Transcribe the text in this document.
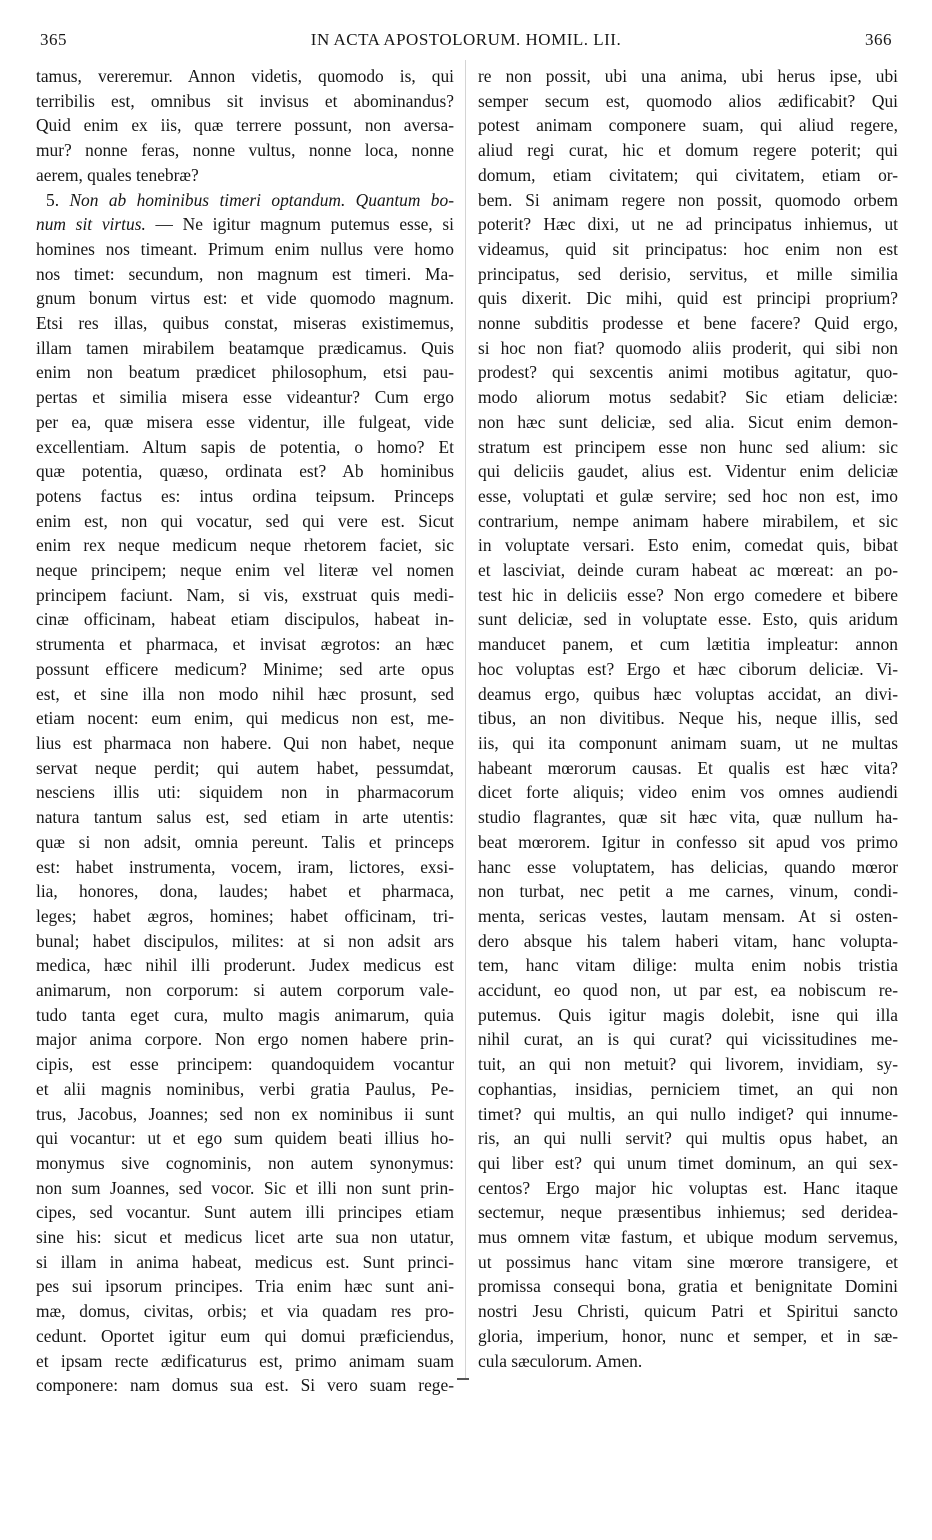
365	IN ACTA APOSTOLORUM. HOMIL. LII.	366

tamus, vereremur. Annon videtis, quomodo is, qui

terribilis est, omnibus sit invisus et abominandus?

Quid enim ex iis, quæ terrere possunt, non aversa-

mur? nonne feras, nonne vultus, nonne loca, nonne

aerem, quales tenebræ?

5. Non ab hominibus timeri optandum. Quantum bo-

num sit virtus. — Ne igitur magnum putemus esse, si

homines nos timeant. Primum enim nullus vere homo

nos timet: secundum, non magnum est timeri. Ma-

gnum bonum virtus est: et vide quomodo magnum.

Etsi res illas, quibus constat, miseras existimemus,

illam tamen mirabilem beatamque prædicamus. Quis

enim non beatum prædicet philosophum, etsi pau-

pertas et similia misera esse videantur? Cum ergo

per ea, quæ misera esse videntur, ille fulgeat, vide

excellentiam. Altum sapis de potentia, o homo? Et

quæ potentia, quæso, ordinata est? Ab hominibus

potens factus es: intus ordina teipsum. Princeps

enim est, non qui vocatur, sed qui vere est. Sicut

enim rex neque medicum neque rhetorem faciet, sic

neque principem; neque enim vel literæ vel nomen

principem faciunt. Nam, si vis, exstruat quis medi-

cinæ officinam, habeat etiam discipulos, habeat in-

strumenta et pharmaca, et invisat ægrotos: an hæc

possunt efficere medicum? Minime; sed arte opus

est, et sine illa non modo nihil hæc prosunt, sed

etiam nocent: eum enim, qui medicus non est, me-

lius est pharmaca non habere. Qui non habet, neque

servat neque perdit; qui autem habet, pessumdat,

nesciens illis uti: siquidem non in pharmacorum

natura tantum salus est, sed etiam in arte utentis:

quæ si non adsit, omnia pereunt. Talis et princeps

est: habet instrumenta, vocem, iram, lictores, exsi-

lia, honores, dona, laudes; habet et pharmaca,

leges; habet ægros, homines; habet officinam, tri-

bunal; habet discipulos, milites: at si non adsit ars

medica, hæc nihil illi proderunt. Judex medicus est

animarum, non corporum: si autem corporum vale-

tudo tanta eget cura, multo magis animarum, quia

major anima corpore. Non ergo nomen habere prin-

cipis, est esse principem: quandoquidem vocantur

et alii magnis nominibus, verbi gratia Paulus, Pe-

trus, Jacobus, Joannes; sed non ex nominibus ii sunt

qui vocantur: ut et ego sum quidem beati illius ho-

monymus sive cognominis, non autem synonymus:

non sum Joannes, sed vocor. Sic et illi non sunt prin-

cipes, sed vocantur. Sunt autem illi principes etiam

sine his: sicut et medicus licet arte sua non utatur,

si illam in anima habeat, medicus est. Sunt princi-

pes sui ipsorum principes. Tria enim hæc sunt ani-

mæ, domus, civitas, orbis; et via quadam res pro-

cedunt. Oportet igitur eum qui domui præficiendus,

et ipsam recte ædificaturus est, primo animam suam

componere: nam domus sua est. Si vero suam rege-

re non possit, ubi una anima, ubi herus ipse, ubi

semper secum est, quomodo alios ædificabit? Qui

potest animam componere suam, qui aliud regere,

aliud regi curat, hic et domum regere poterit; qui

domum, etiam civitatem; qui civitatem, etiam or-

bem. Si animam regere non possit, quomodo orbem

poterit? Hæc dixi, ut ne ad principatus inhiemus, ut

videamus, quid sit principatus: hoc enim non est

principatus, sed derisio, servitus, et mille similia

quis dixerit. Dic mihi, quid est principi proprium?

nonne subditis prodesse et bene facere? Quid ergo,

si hoc non fiat? quomodo aliis proderit, qui sibi non

prodest? qui sexcentis animi motibus agitatur, quo-

modo aliorum motus sedabit? Sic etiam deliciæ:

non hæc sunt deliciæ, sed alia. Sicut enim demon-

stratum est principem esse non hunc sed alium: sic

qui deliciis gaudet, alius est. Videntur enim deliciæ

esse, voluptati et gulæ servire; sed hoc non est, imo

contrarium, nempe animam habere mirabilem, et sic

in voluptate versari. Esto enim, comedat quis, bibat

et lasciviat, deinde curam habeat ac mœreat: an po-

test hic in deliciis esse? Non ergo comedere et bibere

sunt deliciæ, sed in voluptate esse. Esto, quis aridum

manducet panem, et cum lætitia impleatur: annon

hoc voluptas est? Ergo et hæc ciborum deliciæ. Vi-

deamus ergo, quibus hæc voluptas accidat, an divi-

tibus, an non divitibus. Neque his, neque illis, sed

iis, qui ita componunt animam suam, ut ne multas

habeant mœrorum causas. Et qualis est hæc vita?

dicet forte aliquis; video enim vos omnes audiendi

studio flagrantes, quæ sit hæc vita, quæ nullum ha-

beat mœrorem. Igitur in confesso sit apud vos primo

hanc esse voluptatem, has delicias, quando mœror

non turbat, nec petit a me carnes, vinum, condi-

menta, sericas vestes, lautam mensam. At si osten-

dero absque his talem haberi vitam, hanc volupta-

tem, hanc vitam dilige: multa enim nobis tristia

accidunt, eo quod non, ut par est, ea nobiscum re-

putemus. Quis igitur magis dolebit, isne qui illa

nihil curat, an is qui curat? qui vicissitudines me-

tuit, an qui non metuit? qui livorem, invidiam, sy-

cophantias, insidias, perniciem timet, an qui non

timet? qui multis, an qui nullo indiget? qui innume-

ris, an qui nulli servit? qui multis opus habet, an

qui liber est? qui unum timet dominum, an qui sex-

centos? Ergo major hic voluptas est. Hanc itaque

sectemur, neque præsentibus inhiemus; sed deridea-

mus omnem vitæ fastum, et ubique modum servemus,

ut possimus hanc vitam sine mœrore transigere, et

promissa consequi bona, gratia et benignitate Domini

nostri Jesu Christi, quicum Patri et Spiritui sancto

gloria, imperium, honor, nunc et semper, et in sæ-

cula sæculorum. Amen.
